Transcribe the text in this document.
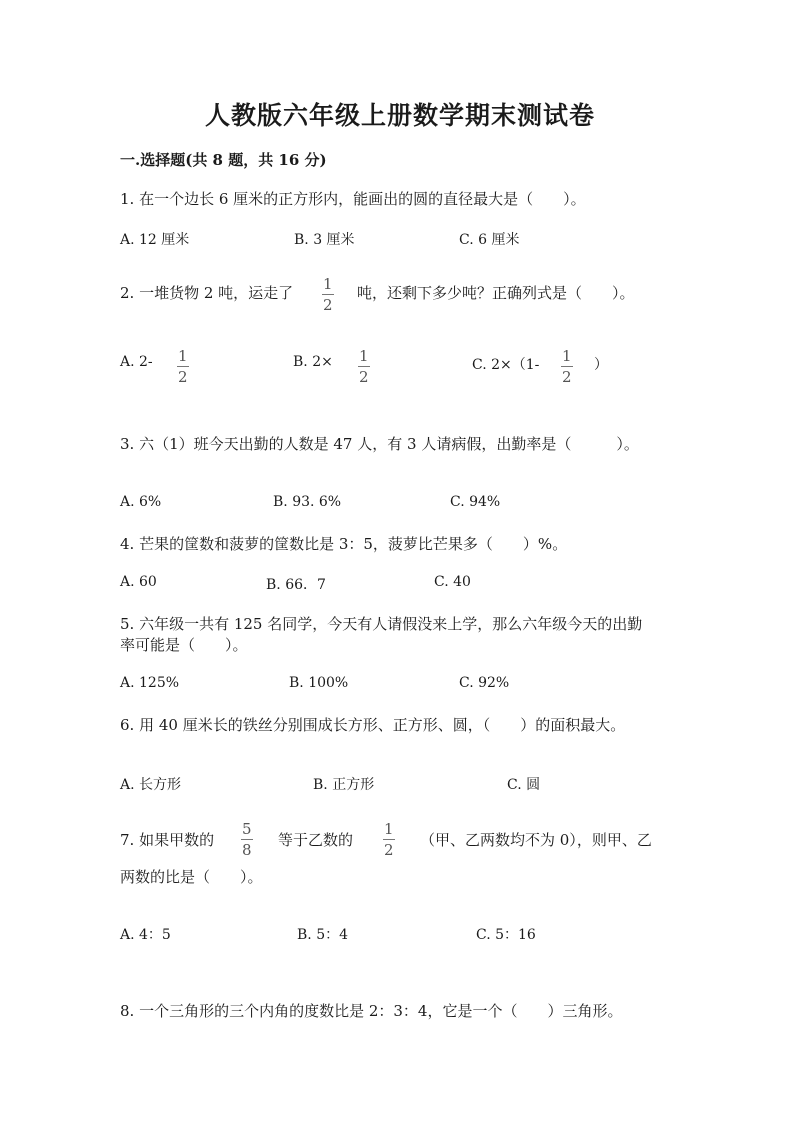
人教版六年级上册数学期末测试卷
一.选择题(共 8 题，共 16 分)
1. 在一个边长 6 厘米的正方形内，能画出的圆的直径最大是（　　）。
A. 12 厘米	B. 3 厘米	C. 6 厘米
2. 一堆货物 2 吨，运走了 1
2
吨，还剩下多少吨？正确列式是（　　）。
A. 2- 1
2
B. 2× 1
2
C. 2×（1- 1
2
）
3. 六（1）班今天出勤的人数是 47 人，有 3 人请病假，出勤率是（　　　）。
A. 6%	B. 93. 6%	C. 94%
4. 芒果的筐数和菠萝的筐数比是 3：5，菠萝比芒果多（　　）%。
A. 60	B. 66．7	C. 40
5. 六年级一共有 125 名同学，今天有人请假没来上学，那么六年级今天的出勤
率可能是（　　）。
A. 125%	B. 100%	C. 92%
6. 用 40 厘米长的铁丝分别围成长方形、正方形、圆，（　　）的面积最大。
A. 长方形	B. 正方形	C. 圆
7. 如果甲数的
5
8
等于乙数的
1
2
（甲、乙两数均不为 0），则甲、乙
两数的比是（　　）。
A. 4：5	B. 5：4	C. 5：16
8. 一个三角形的三个内角的度数比是 2：3：4，它是一个（　　）三角形。
